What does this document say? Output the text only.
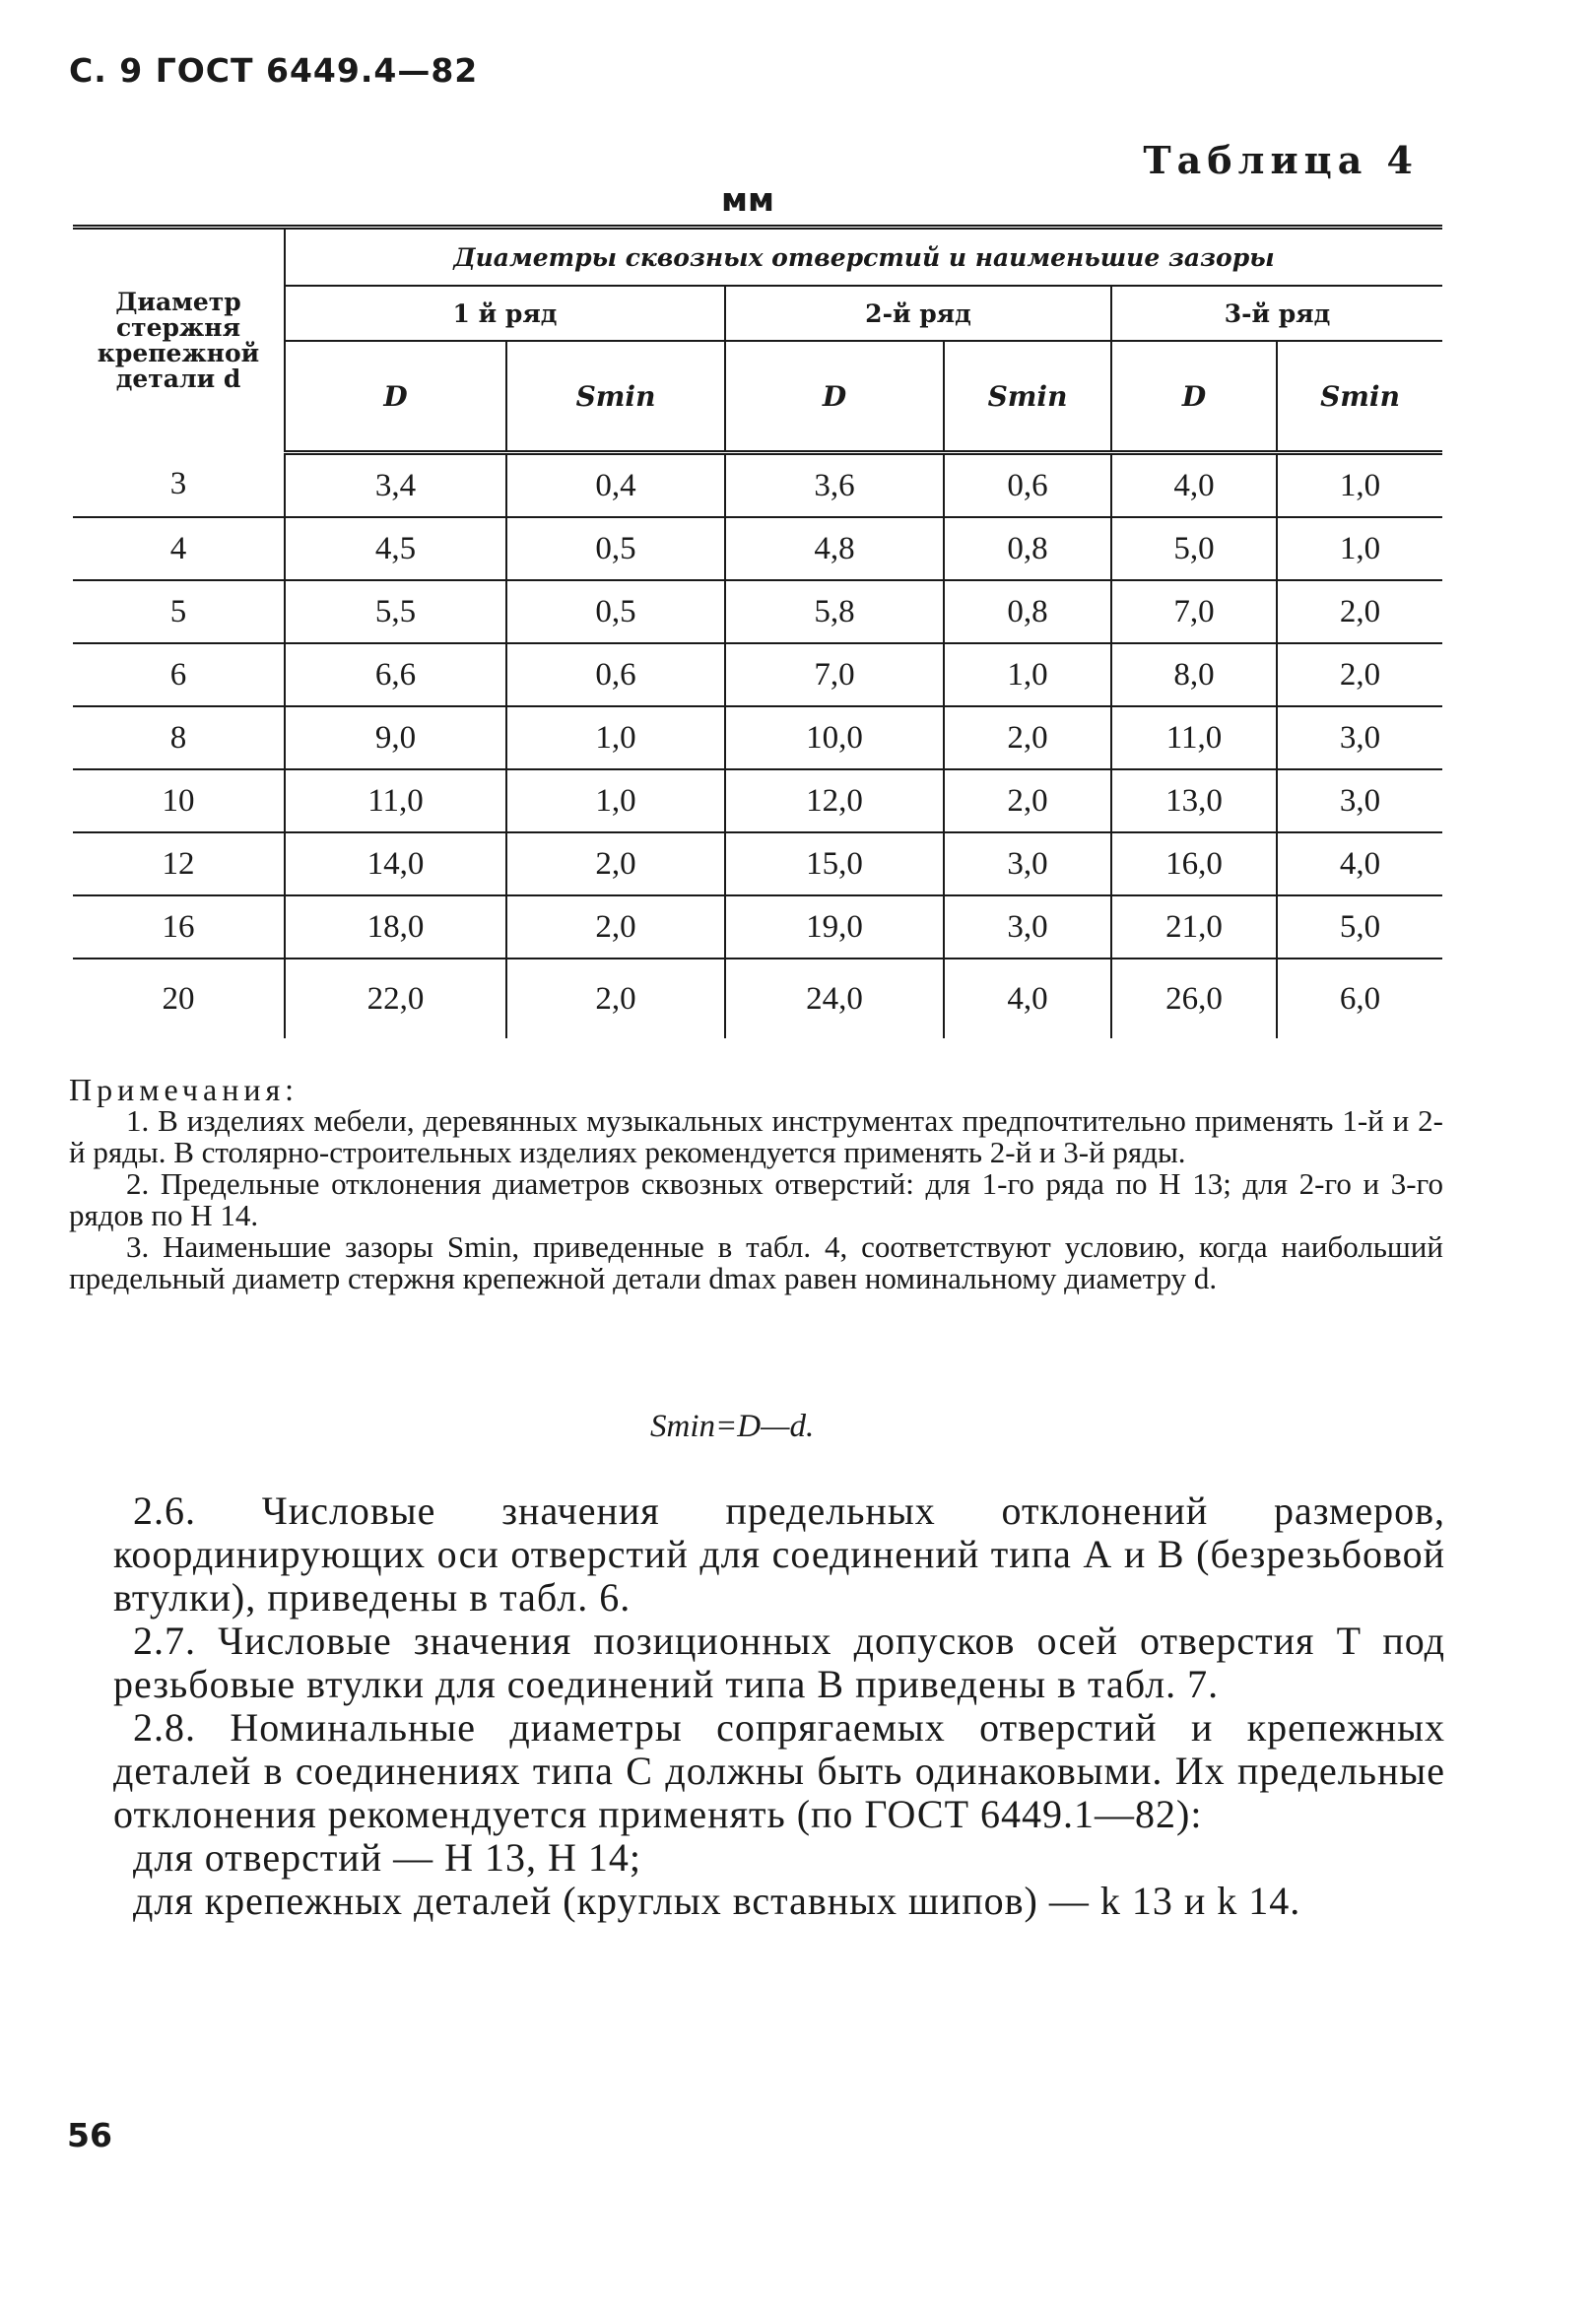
С. 9 ГОСТ 6449.4—82
Таблица 4
мм
Диаметр стержня крепежной детали d	Диаметры сквозных отверстий и наименьшие зазоры					
	1 й ряд		2-й ряд		3-й ряд	
	D	Smin	D	Smin	D	Smin
3	3,4	0,4	3,6	0,6	4,0	1,0
4	4,5	0,5	4,8	0,8	5,0	1,0
5	5,5	0,5	5,8	0,8	7,0	2,0
6	6,6	0,6	7,0	1,0	8,0	2,0
8	9,0	1,0	10,0	2,0	11,0	3,0
10	11,0	1,0	12,0	2,0	13,0	3,0
12	14,0	2,0	15,0	3,0	16,0	4,0
16	18,0	2,0	19,0	3,0	21,0	5,0
20	22,0	2,0	24,0	4,0	26,0	6,0
Примечания:

1. В изделиях мебели, деревянных музыкальных инструментах предпочтительно применять 1-й и 2-й ряды. В столярно-строительных изделиях рекомендуется применять 2-й и 3-й ряды.

2. Предельные отклонения диаметров сквозных отверстий: для 1-го ряда по H 13; для 2-го и 3-го рядов по H 14.

3. Наименьшие зазоры Smin, приведенные в табл. 4, соответствуют условию, когда наибольший предельный диаметр стержня крепежной детали dmax равен номинальному диаметру d.

Smin=D—d.

2.6. Числовые значения предельных отклонений размеров, координирующих оси отверстий для соединений типа А и В (безрезьбовой втулки), приведены в табл. 6.

2.7. Числовые значения позиционных допусков осей отверстия T под резьбовые втулки для соединений типа В приведены в табл. 7.

2.8. Номинальные диаметры сопрягаемых отверстий и крепежных деталей в соединениях типа С должны быть одинаковыми. Их предельные отклонения рекомендуется применять (по ГОСТ 6449.1—82):

для отверстий — H 13, H 14;

для крепежных деталей (круглых вставных шипов) — k 13 и k 14.

56
